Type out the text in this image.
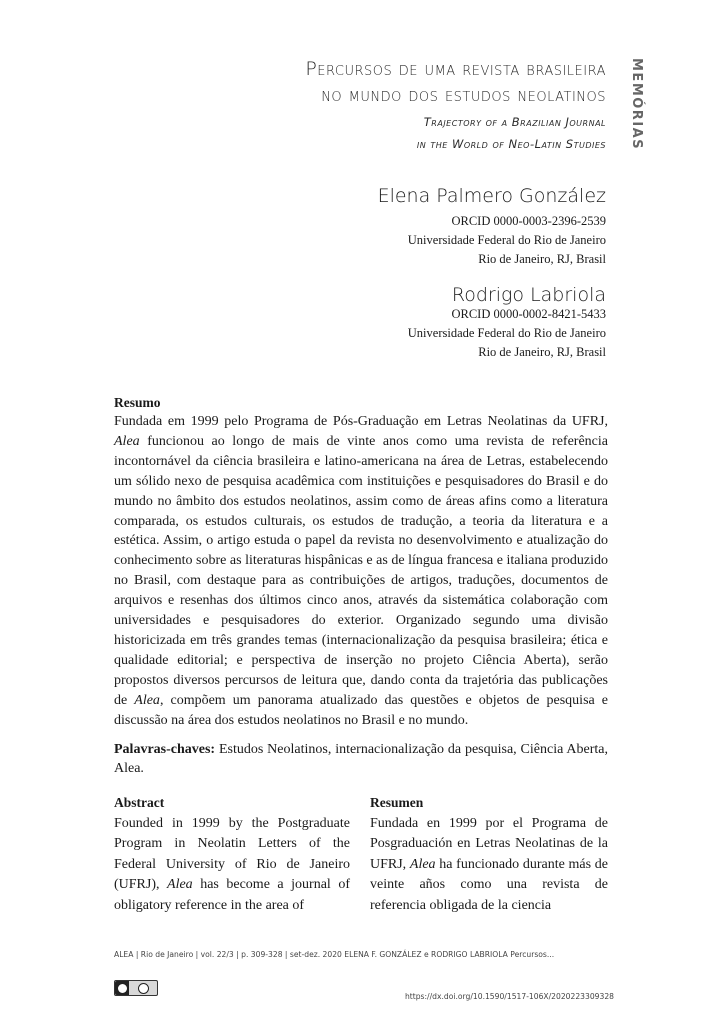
MEMÓRIAS
Percursos de uma revista brasileira
no mundo dos estudos neolatinos
Trajectory of a Brazilian Journal
in the World of Neo-Latin Studies
Elena Palmero González
ORCID 0000-0003-2396-2539
Universidade Federal do Rio de Janeiro
Rio de Janeiro, RJ, Brasil
Rodrigo Labriola
ORCID 0000-0002-8421-5433
Universidade Federal do Rio de Janeiro
Rio de Janeiro, RJ, Brasil
Resumo
Fundada em 1999 pelo Programa de Pós-Graduação em Letras Neolatinas da UFRJ, Alea funcionou ao longo de mais de vinte anos como uma revista de referência incontornável da ciência brasileira e latino-americana na área de Letras, estabelecendo um sólido nexo de pesquisa acadêmica com instituições e pesquisadores do Brasil e do mundo no âmbito dos estudos neolatinos, assim como de áreas afins como a literatura comparada, os estudos culturais, os estudos de tradução, a teoria da literatura e a estética. Assim, o artigo estuda o papel da revista no desenvolvimento e atualização do conhecimento sobre as literaturas hispânicas e as de língua francesa e italiana produzido no Brasil, com destaque para as contribuições de artigos, traduções, documentos de arquivos e resenhas dos últimos cinco anos, através da sistemática colaboração com universidades e pesquisadores do exterior. Organizado segundo uma divisão historicizada em três grandes temas (internacionalização da pesquisa brasileira; ética e qualidade editorial; e perspectiva de inserção no projeto Ciência Aberta), serão propostos diversos percursos de leitura que, dando conta da trajetória das publicações de Alea, compõem um panorama atualizado das questões e objetos de pesquisa e discussão na área dos estudos neolatinos no Brasil e no mundo.
Palavras-chaves: Estudos Neolatinos, internacionalização da pesquisa, Ciência Aberta, Alea.
Abstract
Founded in 1999 by the Postgraduate Program in Neolatin Letters of the Federal University of Rio de Janeiro (UFRJ), Alea has become a journal of obligatory reference in the area of
Resumen
Fundada en 1999 por el Programa de Posgraduación en Letras Neolatinas de la UFRJ, Alea ha funcionado durante más de veinte años como una revista de referencia obligada de la ciencia
ALEA | Rio de Janeiro | vol. 22/3 | p. 309-328 | set-dez. 2020 ELENA F. GONZÁLEZ e RODRIGO LABRIOLA Percursos...
https://dx.doi.org/10.1590/1517-106X/2020223309328
